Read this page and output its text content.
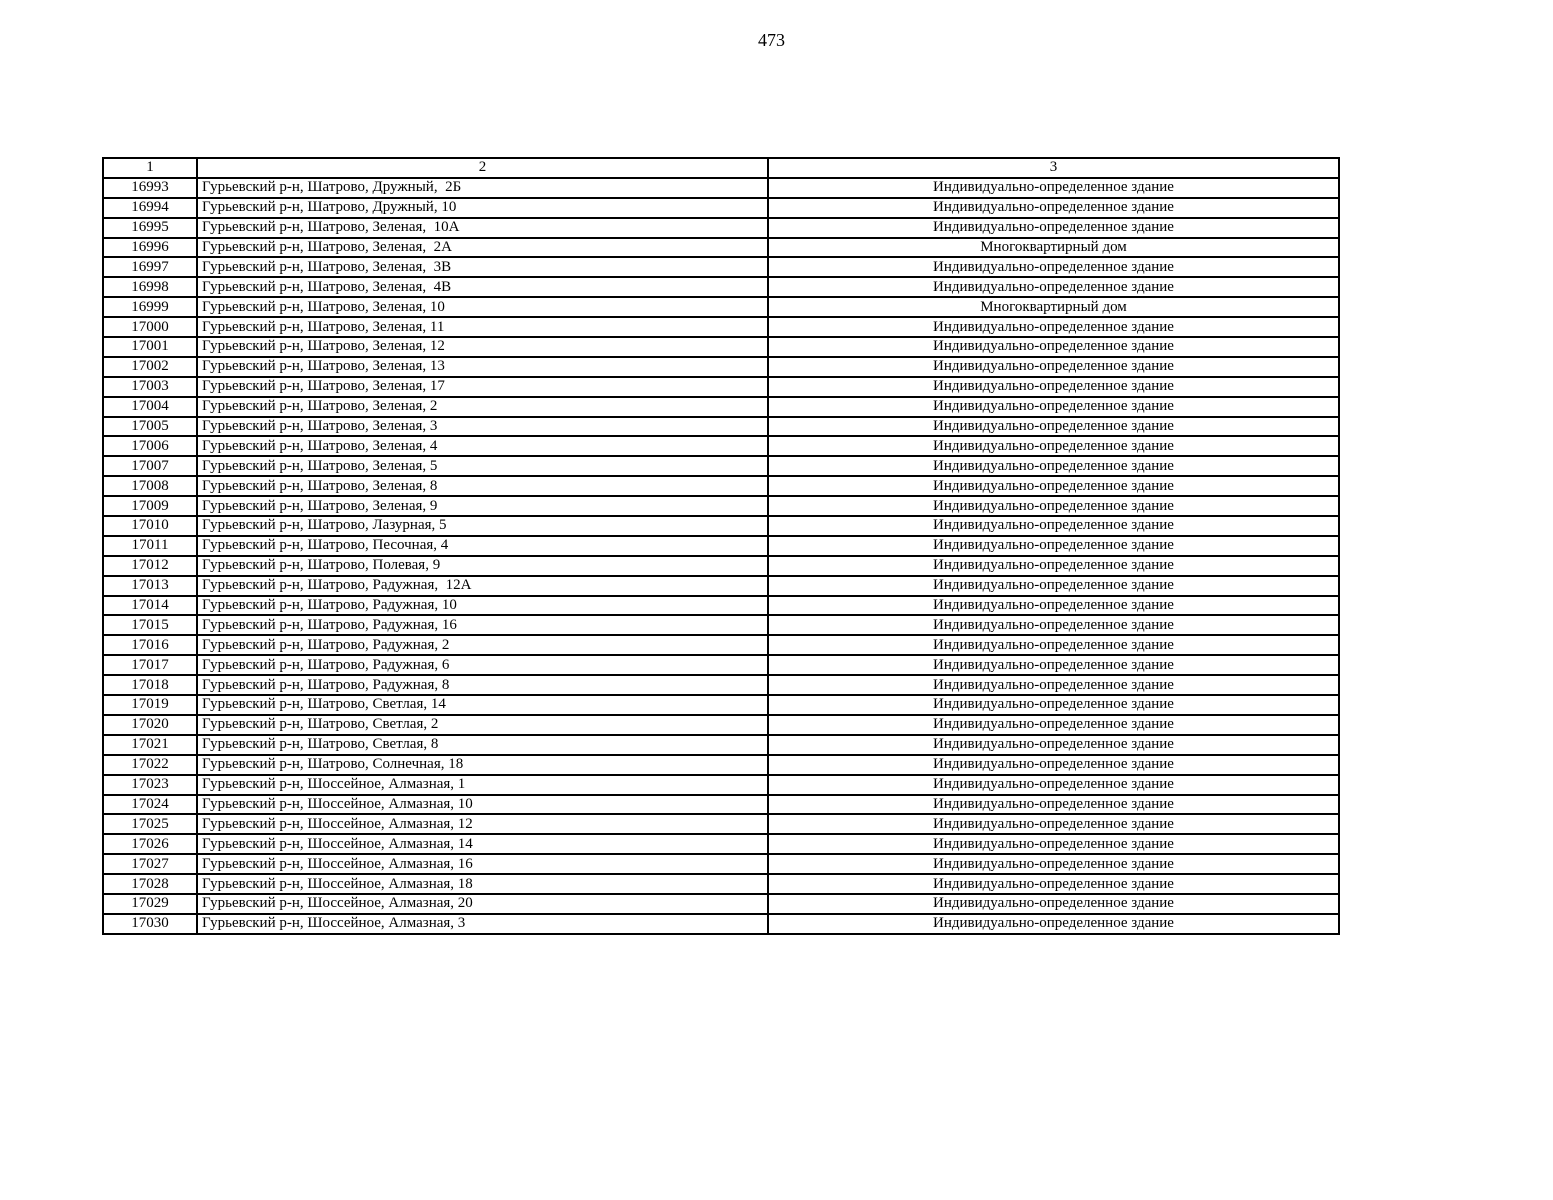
473
1	2	3
16993	Гурьевский р-н, Шатрово, Дружный,  2Б	Индивидуально-определенное здание
16994	Гурьевский р-н, Шатрово, Дружный, 10	Индивидуально-определенное здание
16995	Гурьевский р-н, Шатрово, Зеленая,  10А	Индивидуально-определенное здание
16996	Гурьевский р-н, Шатрово, Зеленая,  2А	Многоквартирный дом
16997	Гурьевский р-н, Шатрово, Зеленая,  3В	Индивидуально-определенное здание
16998	Гурьевский р-н, Шатрово, Зеленая,  4В	Индивидуально-определенное здание
16999	Гурьевский р-н, Шатрово, Зеленая, 10	Многоквартирный дом
17000	Гурьевский р-н, Шатрово, Зеленая, 11	Индивидуально-определенное здание
17001	Гурьевский р-н, Шатрово, Зеленая, 12	Индивидуально-определенное здание
17002	Гурьевский р-н, Шатрово, Зеленая, 13	Индивидуально-определенное здание
17003	Гурьевский р-н, Шатрово, Зеленая, 17	Индивидуально-определенное здание
17004	Гурьевский р-н, Шатрово, Зеленая, 2	Индивидуально-определенное здание
17005	Гурьевский р-н, Шатрово, Зеленая, 3	Индивидуально-определенное здание
17006	Гурьевский р-н, Шатрово, Зеленая, 4	Индивидуально-определенное здание
17007	Гурьевский р-н, Шатрово, Зеленая, 5	Индивидуально-определенное здание
17008	Гурьевский р-н, Шатрово, Зеленая, 8	Индивидуально-определенное здание
17009	Гурьевский р-н, Шатрово, Зеленая, 9	Индивидуально-определенное здание
17010	Гурьевский р-н, Шатрово, Лазурная, 5	Индивидуально-определенное здание
17011	Гурьевский р-н, Шатрово, Песочная, 4	Индивидуально-определенное здание
17012	Гурьевский р-н, Шатрово, Полевая, 9	Индивидуально-определенное здание
17013	Гурьевский р-н, Шатрово, Радужная,  12А	Индивидуально-определенное здание
17014	Гурьевский р-н, Шатрово, Радужная, 10	Индивидуально-определенное здание
17015	Гурьевский р-н, Шатрово, Радужная, 16	Индивидуально-определенное здание
17016	Гурьевский р-н, Шатрово, Радужная, 2	Индивидуально-определенное здание
17017	Гурьевский р-н, Шатрово, Радужная, 6	Индивидуально-определенное здание
17018	Гурьевский р-н, Шатрово, Радужная, 8	Индивидуально-определенное здание
17019	Гурьевский р-н, Шатрово, Светлая, 14	Индивидуально-определенное здание
17020	Гурьевский р-н, Шатрово, Светлая, 2	Индивидуально-определенное здание
17021	Гурьевский р-н, Шатрово, Светлая, 8	Индивидуально-определенное здание
17022	Гурьевский р-н, Шатрово, Солнечная, 18	Индивидуально-определенное здание
17023	Гурьевский р-н, Шоссейное, Алмазная, 1	Индивидуально-определенное здание
17024	Гурьевский р-н, Шоссейное, Алмазная, 10	Индивидуально-определенное здание
17025	Гурьевский р-н, Шоссейное, Алмазная, 12	Индивидуально-определенное здание
17026	Гурьевский р-н, Шоссейное, Алмазная, 14	Индивидуально-определенное здание
17027	Гурьевский р-н, Шоссейное, Алмазная, 16	Индивидуально-определенное здание
17028	Гурьевский р-н, Шоссейное, Алмазная, 18	Индивидуально-определенное здание
17029	Гурьевский р-н, Шоссейное, Алмазная, 20	Индивидуально-определенное здание
17030	Гурьевский р-н, Шоссейное, Алмазная, 3	Индивидуально-определенное здание
